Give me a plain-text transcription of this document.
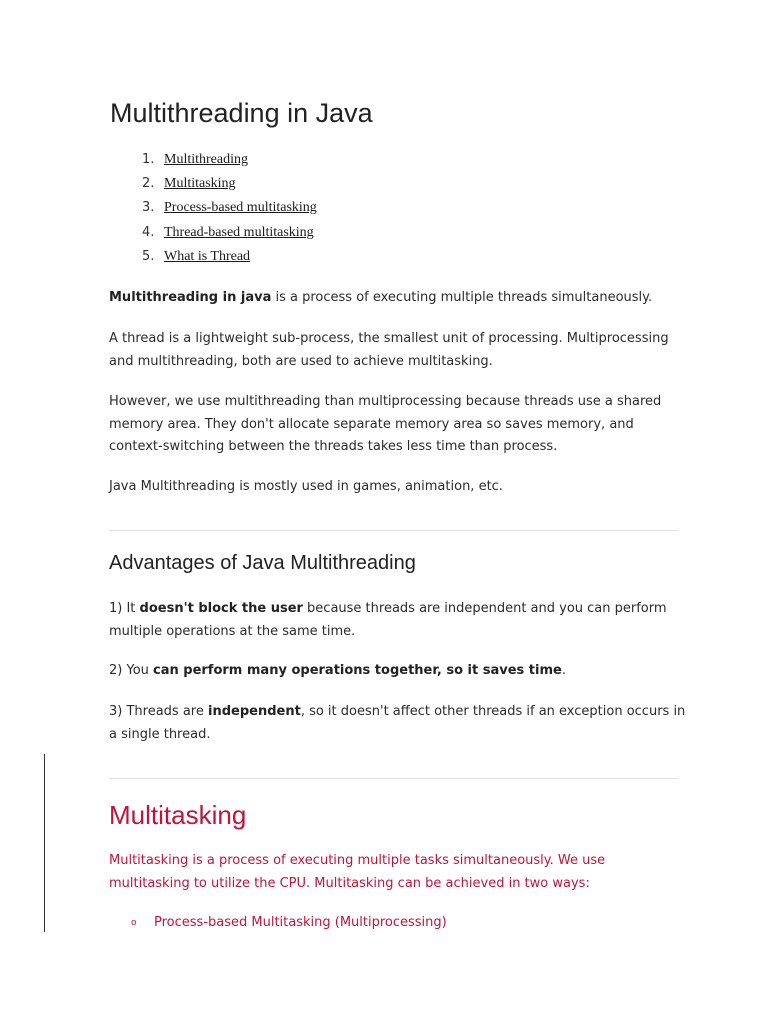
Multithreading in Java
1. Multithreading
2. Multitasking
3. Process-based multitasking
4. Thread-based multitasking
5. What is Thread

Multithreading in java is a process of executing multiple threads simultaneously.

A thread is a lightweight sub-process, the smallest unit of processing. Multiprocessing and multithreading, both are used to achieve multitasking.

However, we use multithreading than multiprocessing because threads use a shared memory area. They don't allocate separate memory area so saves memory, and context-switching between the threads takes less time than process.

Java Multithreading is mostly used in games, animation, etc.

Advantages of Java Multithreading

1) It doesn't block the user because threads are independent and you can perform multiple operations at the same time.

2) You can perform many operations together, so it saves time.

3) Threads are independent, so it doesn't affect other threads if an exception occurs in a single thread.

Multitasking

Multitasking is a process of executing multiple tasks simultaneously. We use multitasking to utilize the CPU. Multitasking can be achieved in two ways:

o Process-based Multitasking (Multiprocessing)
